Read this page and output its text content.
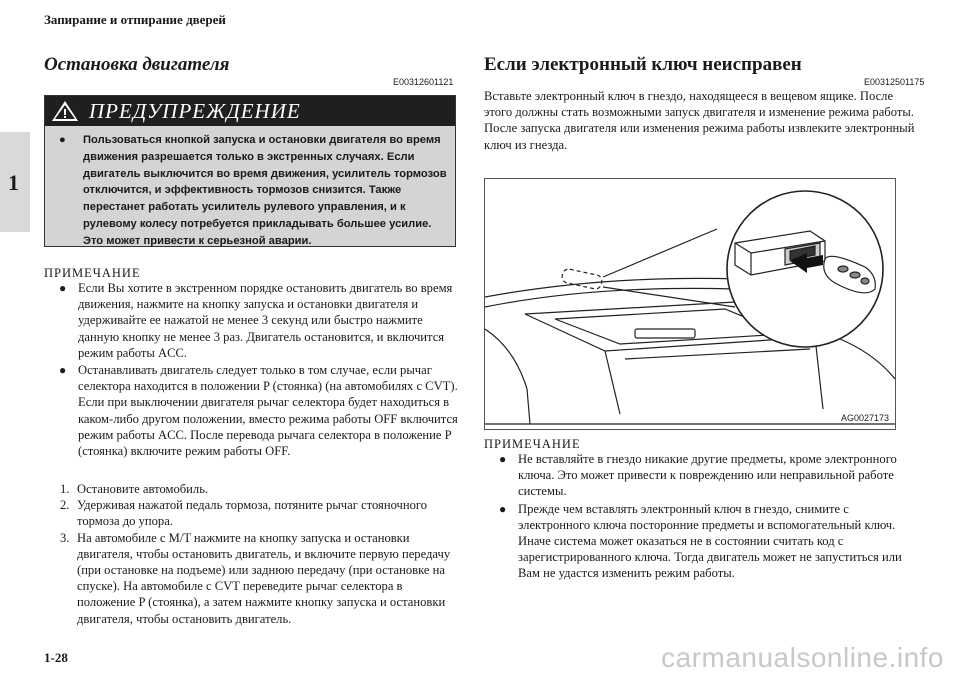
Запирание и отпирание дверей
1
Остановка двигателя
E00312601121
ПРЕДУПРЕЖДЕНИЕ
● Пользоваться кнопкой запуска и остановки двигателя во время движения разрешается только в экстренных случаях. Если двигатель выключится во время движения, усилитель тормозов отключится, и эффективность тормозов снизится. Также перестанет работать усилитель рулевого управления, и к рулевому колесу потребуется прикладывать большее усилие. Это может привести к серьезной аварии.
ПРИМЕЧАНИЕ
● Если Вы хотите в экстренном порядке остановить двигатель во время движения, нажмите на кнопку запуска и остановки двигателя и удерживайте ее нажатой не менее 3 секунд или быстро нажмите данную кнопку не менее 3 раз. Двигатель остановится, и включится режим работы ACC.
● Останавливать двигатель следует только в том случае, если рычаг селектора находится в положении P (стоянка) (на автомобилях с CVT). Если при выключении двигателя рычаг селектора будет находиться в каком-либо другом положении, вместо режима работы OFF включится режим работы ACC. После перевода рычага селектора в положение P (стоянка) включите режим работы OFF.
1. Остановите автомобиль.
2. Удерживая нажатой педаль тормоза, потяните рычаг стояночного тормоза до упора.
3. На автомобиле с M/T нажмите на кнопку запуска и остановки двигателя, чтобы остановить двигатель, и включите первую передачу (при остановке на подъеме) или заднюю передачу (при остановке на спуске). На автомобиле с CVT переведите рычаг селектора в положение P (стоянка), а затем нажмите кнопку запуска и остановки двигателя, чтобы остановить двигатель.
Если электронный ключ неисправен
E00312501175
Вставьте электронный ключ в гнездо, находящееся в вещевом ящике. После этого должны стать возможными запуск двигателя и изменение режима работы. После запуска двигателя или изменения режима работы извлеките электронный ключ из гнезда.
AG0027173
ПРИМЕЧАНИЕ
● Не вставляйте в гнездо никакие другие предметы, кроме электронного ключа. Это может привести к повреждению или неправильной работе системы.
● Прежде чем вставлять электронный ключ в гнездо, снимите с электронного ключа посторонние предметы и вспомогательный ключ. Иначе система может оказаться не в состоянии считать код с зарегистрированного ключа. Тогда двигатель может не запуститься или Вам не удастся изменить режим работы.
1-28	carmanualsonline.info
